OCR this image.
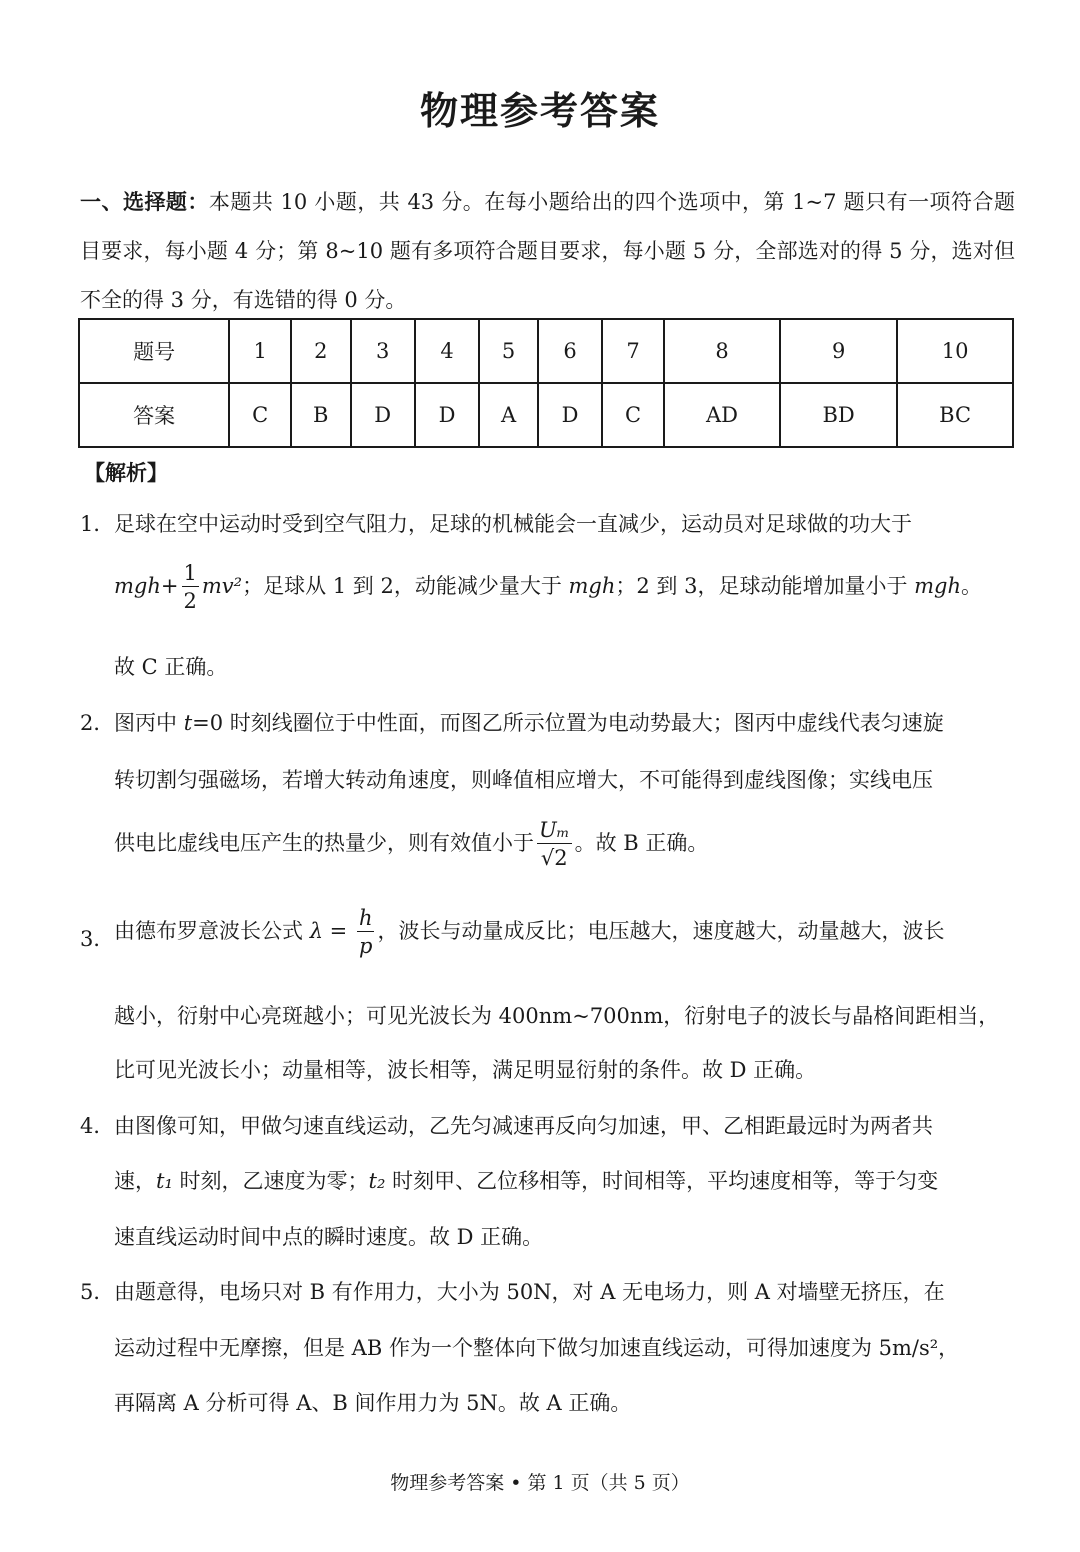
物理参考答案
一、选择题：本题共 10 小题，共 43 分。在每小题给出的四个选项中，第 1~7 题只有一项符合题目要求，每小题 4 分；第 8~10 题有多项符合题目要求，每小题 5 分，全部选对的得 5 分，选对但不全的得 3 分，有选错的得 0 分。
题号	1	2	3	4	5	6	7	8	9	10
答案	C	B	D	D	A	D	C	AD	BD	BC
【解析】
1． 足球在空中运动时受到空气阻力，足球的机械能会一直减少，运动员对足球做的功大于
$mgh+ \frac{1}{2} mv^2$；足球从 1 到 2，动能减少量大于 mgh；2 到 3，足球动能增加量小于 mgh。
故 C 正确。
2． 图丙中 t=0 时刻线圈位于中性面，而图乙所示位置为电动势最大；图丙中虚线代表匀速旋
转切割匀强磁场，若增大转动角速度，则峰值相应增大，不可能得到虚线图像；实线电压
供电比虚线电压产生的热量少，则有效值小于 $\frac{\text{Uₘ}}{√2}$ 。故 B 正确。
3． 由德布罗意波长公式 $\lambda = \frac{h}{p}$ ，波长与动量成反比；电压越大，速度越大，动量越大，波长
越小，衍射中心亮斑越小；可见光波长为 400nm~700nm，衍射电子的波长与晶格间距相当，
比可见光波长小；动量相等，波长相等，满足明显衍射的条件。故 D 正确。
4． 由图像可知，甲做匀速直线运动，乙先匀减速再反向匀加速，甲、乙相距最远时为两者共
速，t₁ 时刻，乙速度为零；t₂ 时刻甲、乙位移相等，时间相等，平均速度相等，等于匀变
速直线运动时间中点的瞬时速度。故 D 正确。
5． 由题意得，电场只对 B 有作用力，大小为 50N，对 A 无电场力，则 A 对墙壁无挤压，在
运动过程中无摩擦，但是 AB 作为一个整体向下做匀加速直线运动，可得加速度为 5m/s²，
再隔离 A 分析可得 A、B 间作用力为 5N。故 A 正确。
物理参考答案 • 第 1 页（共 5 页）
